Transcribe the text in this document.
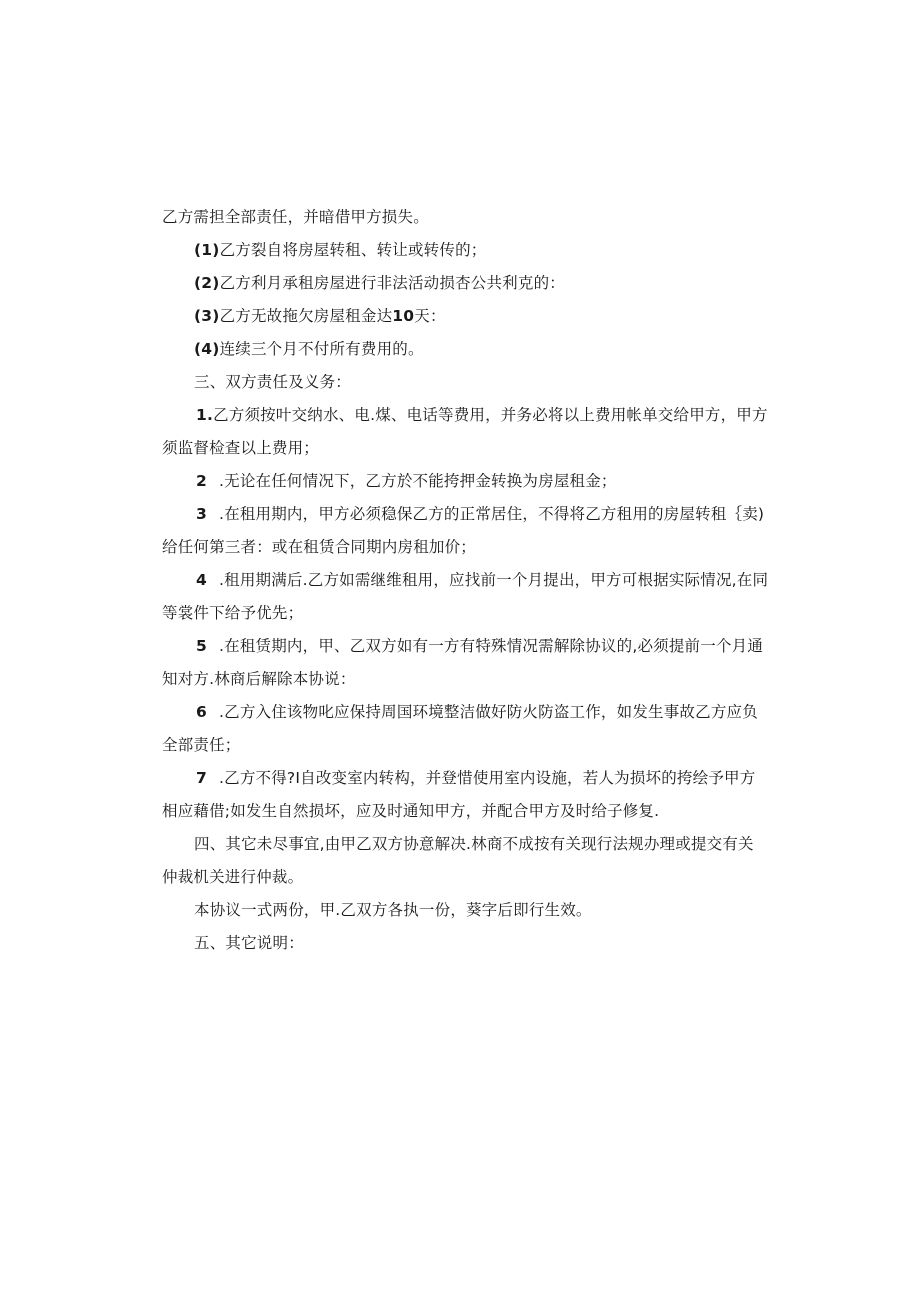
乙方需担全部责任，并暗借甲方损失。
(1)乙方裂自将房屋转租、转让或转传的；
(2)乙方利月承租房屋进行非法活动损杏公共利克的：
(3)乙方无故拖欠房屋租金达10天：
(4)连续三个月不付所有费用的。
三、双方责任及义务：
1.乙方须按叶交纳水、电.煤、电话等费用，并务必将以上费用帐单交给甲方，甲方
须监督检查以上费用；
2 .无论在任何情况下，乙方於不能挎押金转换为房屋租金；
3 .在租用期内，甲方必须稳保乙方的正常居住，不得将乙方租用的房屋转租｛卖)
给任何第三者：或在租赁合同期内房租加价；
4 .租用期满后.乙方如需继维租用，应找前一个月提出，甲方可根据实际情况,在同
等裳件下给予优先；
5 .在租赁期内，甲、乙双方如有一方有特殊情况需解除协议的,必须提前一个月通
知对方.林商后解除本协说：
6 .乙方入住该物叱应保持周国环境整洁做好防火防盗工作，如发生事故乙方应负
全部责任；
7 .乙方不得?I自改变室内转构，并登惜使用室内设施，若人为损坏的挎绘予甲方
相应藉借;如发生自然损坏，应及时通知甲方，并配合甲方及时给子修复.
四、其它未尽事宜,由甲乙双方协意解决.林商不成按有关现行法规办理或提交有关
仲裁机关进行仲裁。
本协议一式两份，甲.乙双方各执一份，葵字后即行生效。
五、其它说明：
